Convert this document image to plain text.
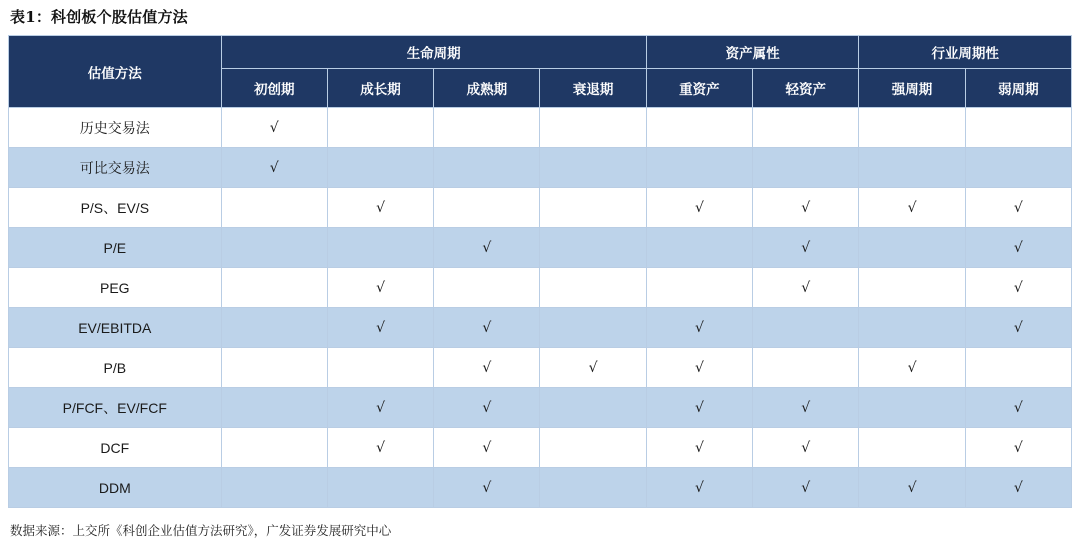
表1：科创板个股估值方法
估值方法	生命周期				资产属性		行业周期性	
	初创期	成长期	成熟期	衰退期	重资产	轻资产	强周期	弱周期
历史交易法	√							
可比交易法	√							
P/S、EV/S		√			√	√	√	√
P/E			√			√		√
PEG		√				√		√
EV/EBITDA		√	√		√			√
P/B			√	√	√		√	
P/FCF、EV/FCF		√	√		√	√		√
DCF		√	√		√	√		√
DDM			√		√	√	√	√
数据来源：上交所《科创企业估值方法研究》，广发证券发展研究中心
